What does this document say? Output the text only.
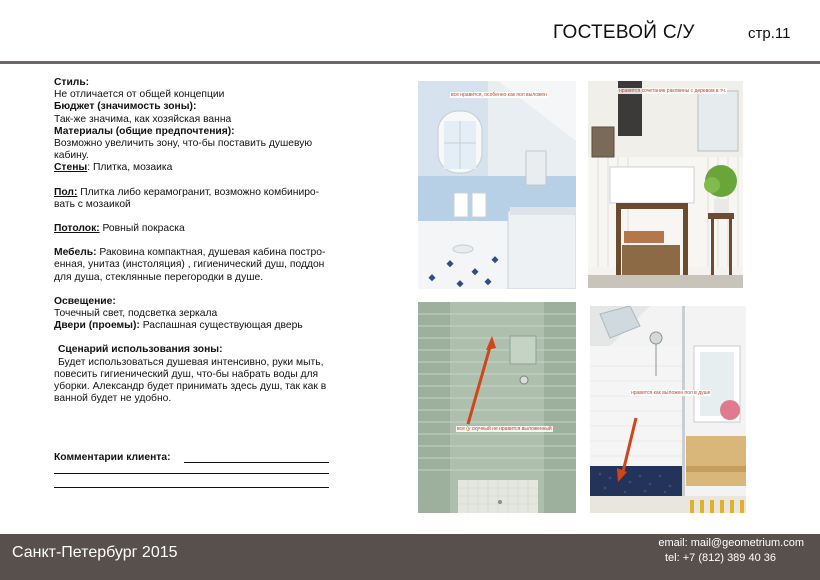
ГОСТЕВОЙ С/У	стр.11
Стиль:
Не отличается от общей концепции
Бюджет (значимость зоны):
Так-же значима, как хозяйская ванна
Материалы (общие предпочтения):
Возможно увеличить зону, что-бы поставить душевую
кабину.
Стены: Плитка, мозаика
Пол: Плитка либо керамогранит, возможно комбиниро-
вать с мозаикой
Потолок: Ровный покраска
Мебель: Раковина компактная, душевая кабина постро-
енная, унитаз (инстоляция) , гигиенический душ, поддон
для душа, стеклянные перегородки в душе.
Освещение:
Точечный свет, подсветка зеркала
Двери (проемы): Распашная существующая дверь
Сценарий использования зоны:
Будет использоваться душевая интенсивно, руки мыть,
повесить гигиенический душ, что-бы набрать воды для
уборки. Александр будет принимать здесь душ, так как в
ванной будет не удобно.
Комментарии клиента:
все нравится, особенно как пол выложен
нравится сочетание раковины с деревом в тч.
все (у скучный не нравится выложенный
нравится как выложен пол в душе
Санкт-Петербург 2015
email: mail@geometrium.com
tel: +7 (812) 389 40 36
